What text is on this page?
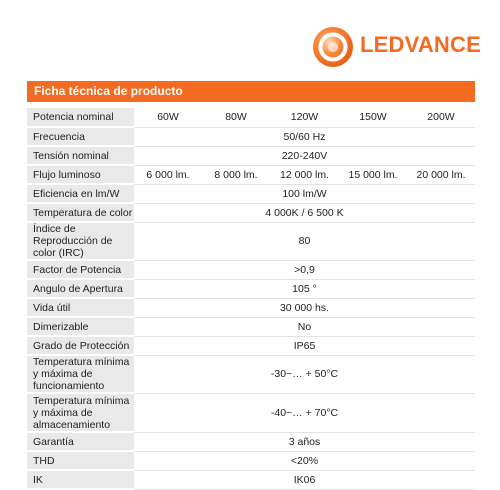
LEDVANCE
Ficha técnica de producto
Potencia nominal	60W	80W	120W	150W	200W
Frecuencia	50/60 Hz				
Tensión nominal	220-240V				
Flujo luminoso	6 000 lm.	8 000 lm.	12 000 lm.	15 000 lm.	20 000 lm.
Eficiencia en lm/W	100 lm/W				
Temperatura de color	4 000K / 6 500 K				
Índice de Reproducción de color (IRC)	80				
Factor de Potencia	>0,9				
Angulo de Apertura	105 °				
Vida útil	30 000 hs.				
Dimerizable	No				
Grado de Protección	IP65				
Temperatura mínima y máxima de funcionamiento	-30~… + 50°C				
Temperatura mínima y máxima de almacenamiento	-40~… + 70°C				
Garantía	3 años				
THD	<20%				
IK	IK06				
